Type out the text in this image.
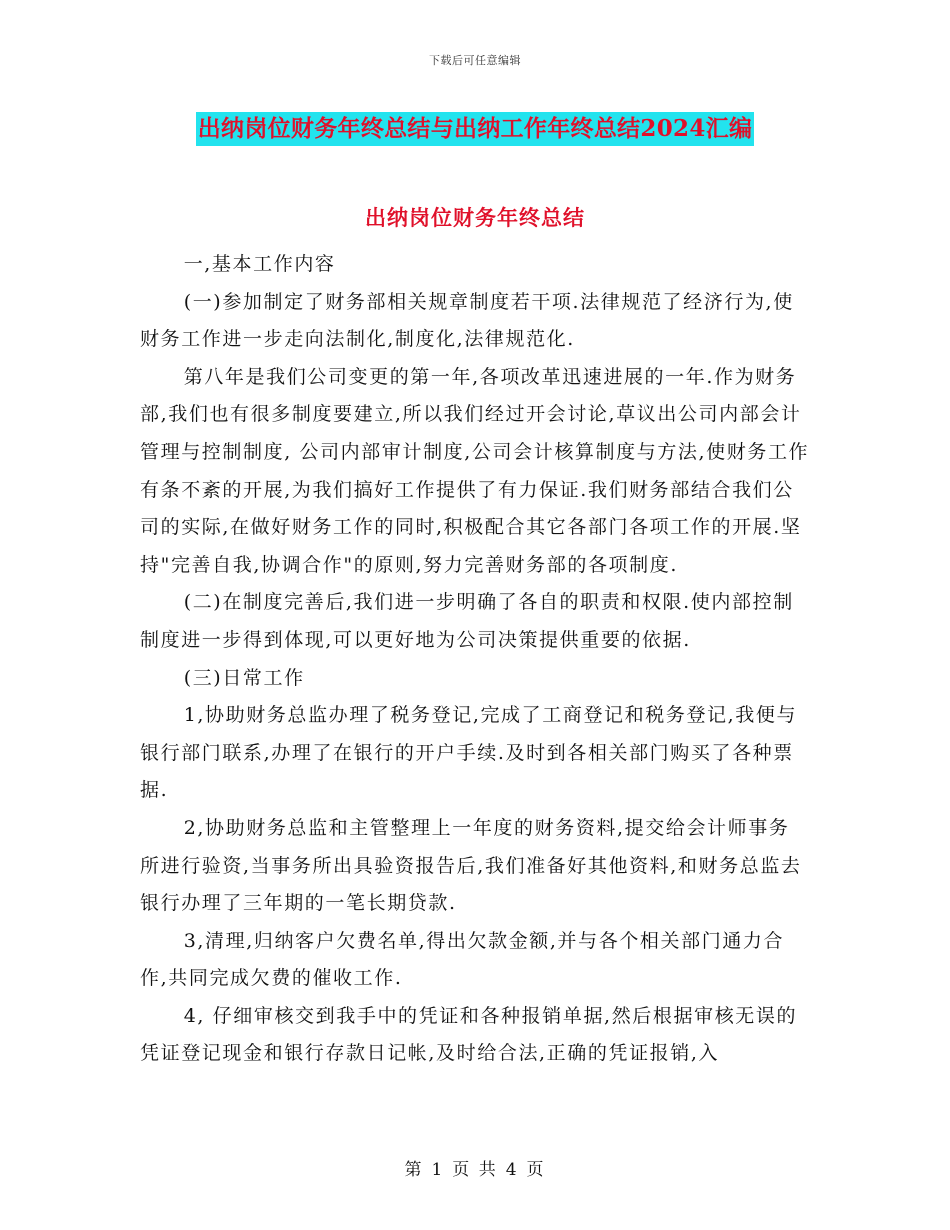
下载后可任意编辑
出纳岗位财务年终总结与出纳工作年终总结2024汇编
出纳岗位财务年终总结

一,基本工作内容

(一)参加制定了财务部相关规章制度若干项.法律规范了经济行为,使财务工作进一步走向法制化,制度化,法律规范化.

第八年是我们公司变更的第一年,各项改革迅速进展的一年.作为财务部,我们也有很多制度要建立,所以我们经过开会讨论,草议出公司内部会计管理与控制制度, 公司内部审计制度,公司会计核算制度与方法,使财务工作有条不紊的开展,为我们搞好工作提供了有力保证.我们财务部结合我们公司的实际,在做好财务工作的同时,积极配合其它各部门各项工作的开展.坚持"完善自我,协调合作"的原则,努力完善财务部的各项制度.

(二)在制度完善后,我们进一步明确了各自的职责和权限.使内部控制制度进一步得到体现,可以更好地为公司决策提供重要的依据.

(三)日常工作

1,协助财务总监办理了税务登记,完成了工商登记和税务登记,我便与银行部门联系,办理了在银行的开户手续.及时到各相关部门购买了各种票据.

2,协助财务总监和主管整理上一年度的财务资料,提交给会计师事务所进行验资,当事务所出具验资报告后,我们准备好其他资料,和财务总监去银行办理了三年期的一笔长期贷款.

3,清理,归纳客户欠费名单,得出欠款金额,并与各个相关部门通力合作,共同完成欠费的催收工作.

4, 仔细审核交到我手中的凭证和各种报销单据,然后根据审核无误的凭证登记现金和银行存款日记帐,及时给合法,正确的凭证报销,入

第 1 页 共 4 页
